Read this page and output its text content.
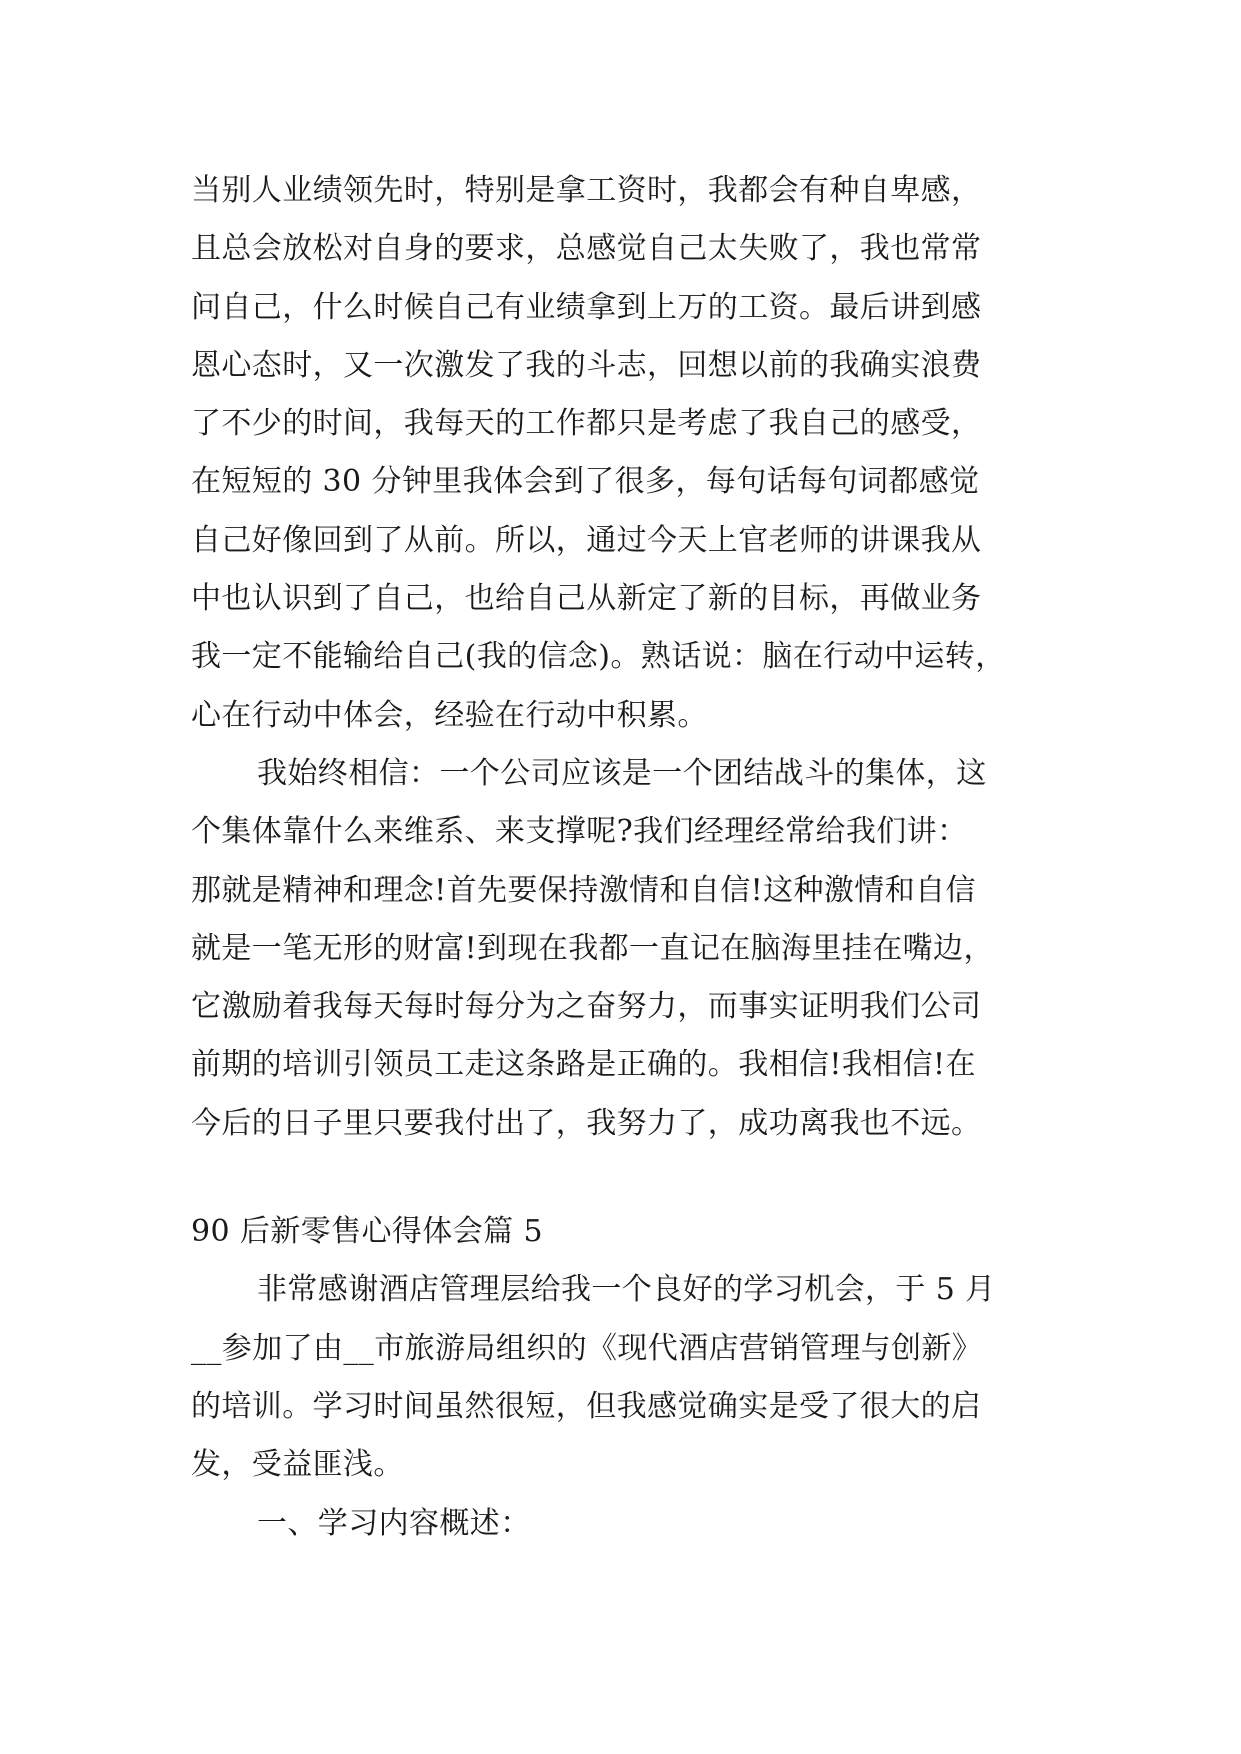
当别人业绩领先时，特别是拿工资时，我都会有种自卑感，
且总会放松对自身的要求，总感觉自己太失败了，我也常常
问自己，什么时候自己有业绩拿到上万的工资。最后讲到感
恩心态时，又一次激发了我的斗志，回想以前的我确实浪费
了不少的时间，我每天的工作都只是考虑了我自己的感受，
在短短的 30 分钟里我体会到了很多，每句话每句词都感觉
自己好像回到了从前。所以，通过今天上官老师的讲课我从
中也认识到了自己，也给自己从新定了新的目标，再做业务
我一定不能输给自己(我的信念)。熟话说：脑在行动中运转，
心在行动中体会，经验在行动中积累。
我始终相信：一个公司应该是一个团结战斗的集体，这
个集体靠什么来维系、来支撑呢?我们经理经常给我们讲：
那就是精神和理念!首先要保持激情和自信!这种激情和自信
就是一笔无形的财富!到现在我都一直记在脑海里挂在嘴边，
它激励着我每天每时每分为之奋努力，而事实证明我们公司
前期的培训引领员工走这条路是正确的。我相信!我相信!在
今后的日子里只要我付出了，我努力了，成功离我也不远。
90 后新零售心得体会篇 5
非常感谢酒店管理层给我一个良好的学习机会，于 5 月
__参加了由__市旅游局组织的《现代酒店营销管理与创新》
的培训。学习时间虽然很短，但我感觉确实是受了很大的启
发，受益匪浅。
一、学习内容概述：
